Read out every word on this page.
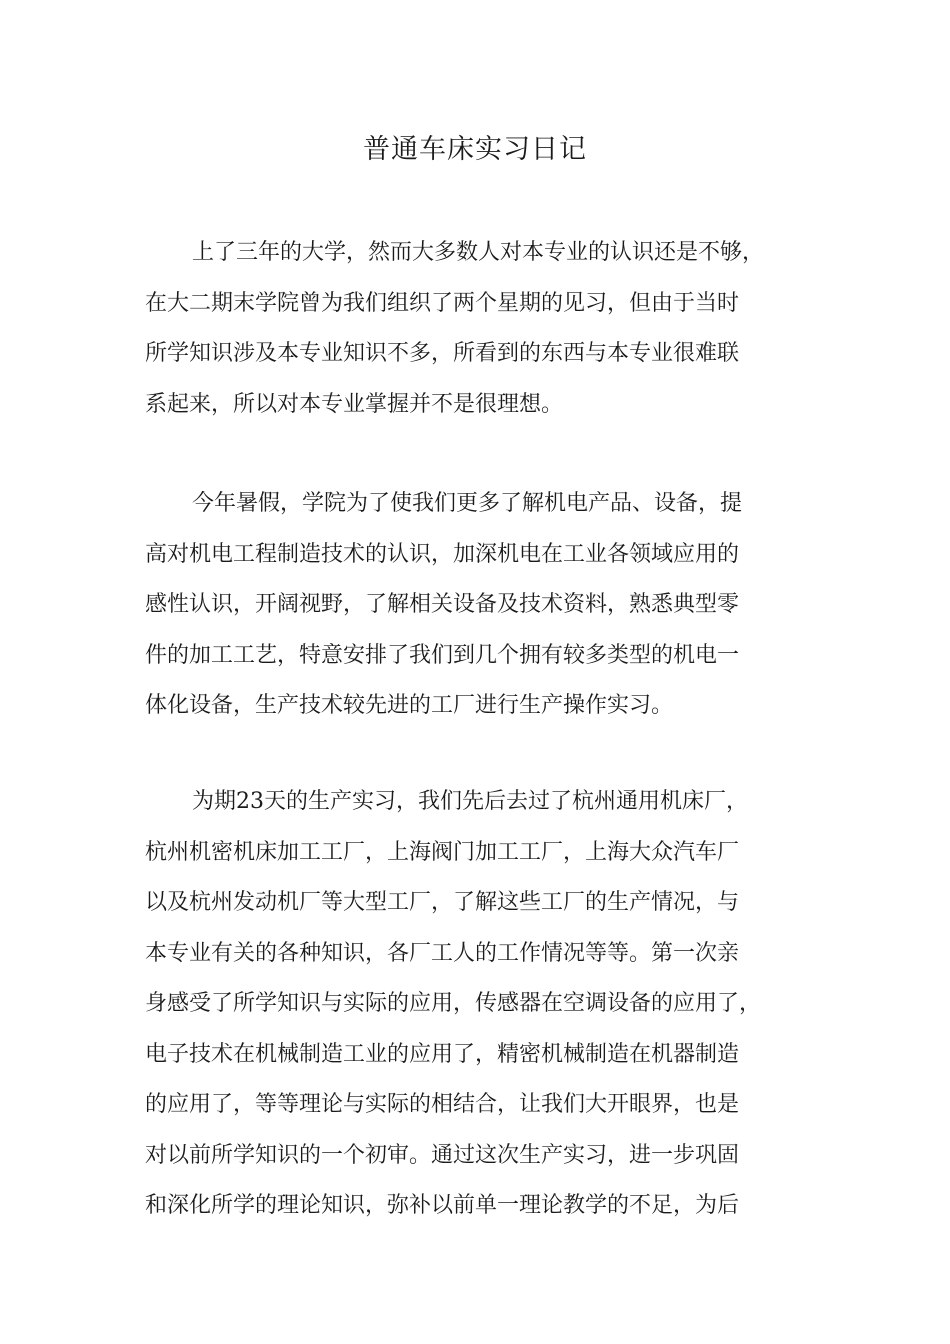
普通车床实习日记
上了三年的大学，然而大多数人对本专业的认识还是不够，
在大二期末学院曾为我们组织了两个星期的见习，但由于当时
所学知识涉及本专业知识不多，所看到的东西与本专业很难联
系起来，所以对本专业掌握并不是很理想。
今年暑假，学院为了使我们更多了解机电产品、设备，提
高对机电工程制造技术的认识，加深机电在工业各领域应用的
感性认识，开阔视野，了解相关设备及技术资料，熟悉典型零
件的加工工艺，特意安排了我们到几个拥有较多类型的机电一
体化设备，生产技术较先进的工厂进行生产操作实习。
为期23天的生产实习，我们先后去过了杭州通用机床厂，
杭州机密机床加工工厂，上海阀门加工工厂，上海大众汽车厂
以及杭州发动机厂等大型工厂，了解这些工厂的生产情况，与
本专业有关的各种知识，各厂工人的工作情况等等。第一次亲
身感受了所学知识与实际的应用，传感器在空调设备的应用了，
电子技术在机械制造工业的应用了，精密机械制造在机器制造
的应用了，等等理论与实际的相结合，让我们大开眼界，也是
对以前所学知识的一个初审。通过这次生产实习，进一步巩固
和深化所学的理论知识，弥补以前单一理论教学的不足，为后
